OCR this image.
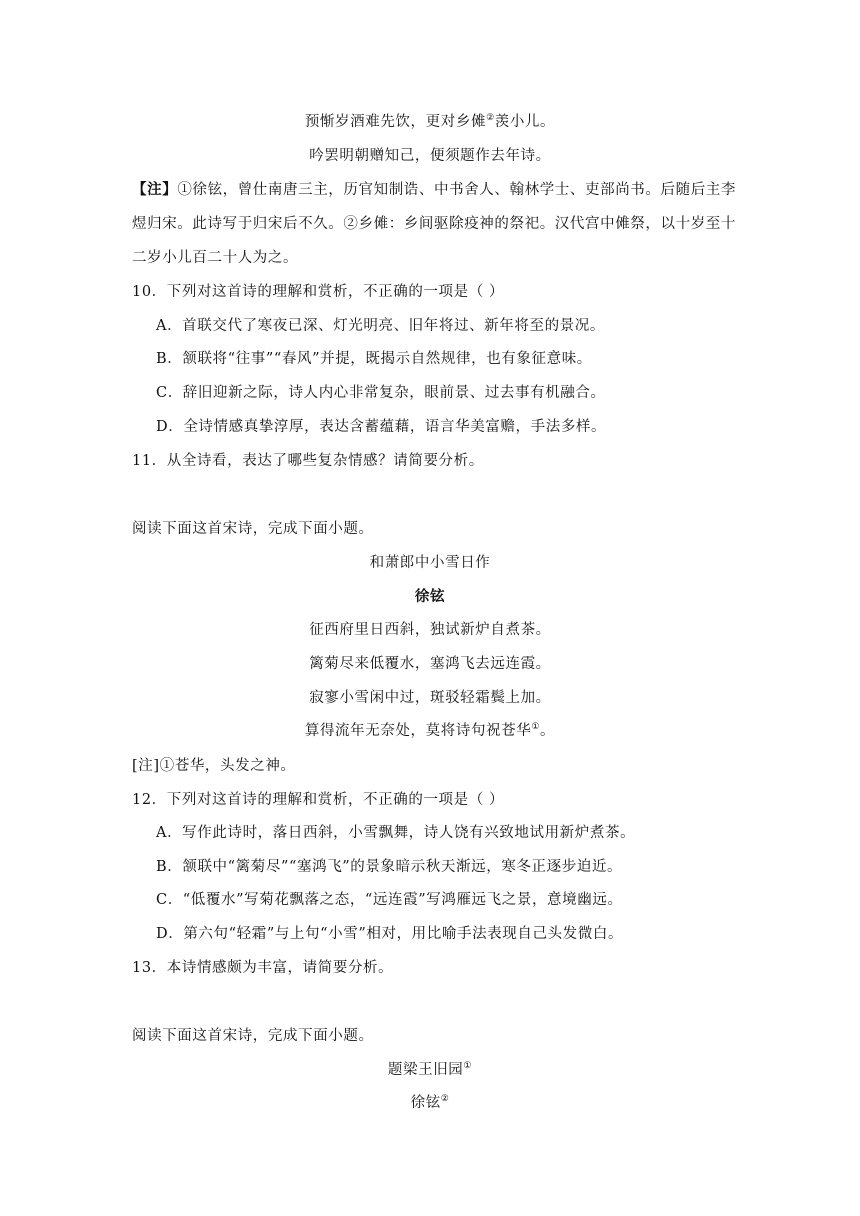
预惭岁酒难先饮，更对乡傩②羡小儿。
吟罢明朝赠知己，便须题作去年诗。
【注】①徐铉，曾仕南唐三主，历官知制诰、中书舍人、翰林学士、吏部尚书。后随后主李
煜归宋。此诗写于归宋后不久。②乡傩：乡间驱除疫神的祭祀。汉代宫中傩祭，以十岁至十
二岁小儿百二十人为之。
10．下列对这首诗的理解和赏析，不正确的一项是（ ）
A．首联交代了寒夜已深、灯光明亮、旧年将过、新年将至的景况。
B．颔联将“往事”“春风”并提，既揭示自然规律，也有象征意味。
C．辞旧迎新之际，诗人内心非常复杂，眼前景、过去事有机融合。
D．全诗情感真挚淳厚，表达含蓄蕴藉，语言华美富赡，手法多样。
11．从全诗看，表达了哪些复杂情感？请简要分析。
阅读下面这首宋诗，完成下面小题。
和萧郎中小雪日作
徐铉
征西府里日西斜，独试新炉自煮茶。
篱菊尽来低覆水，塞鸿飞去远连霞。
寂寥小雪闲中过，斑驳轻霜鬓上加。
算得流年无奈处，莫将诗句祝苍华①。
[注]①苍华，头发之神。
12．下列对这首诗的理解和赏析，不正确的一项是（ ）
A．写作此诗时，落日西斜，小雪飘舞，诗人饶有兴致地试用新炉煮茶。
B．颔联中“篱菊尽”“塞鸿飞”的景象暗示秋天渐远，寒冬正逐步迫近。
C．“低覆水”写菊花飘落之态，“远连霞”写鸿雁远飞之景，意境幽远。
D．第六句“轻霜”与上句“小雪”相对，用比喻手法表现自己头发微白。
13．本诗情感颇为丰富，请简要分析。
阅读下面这首宋诗，完成下面小题。
题梁王旧园①
徐铉②
